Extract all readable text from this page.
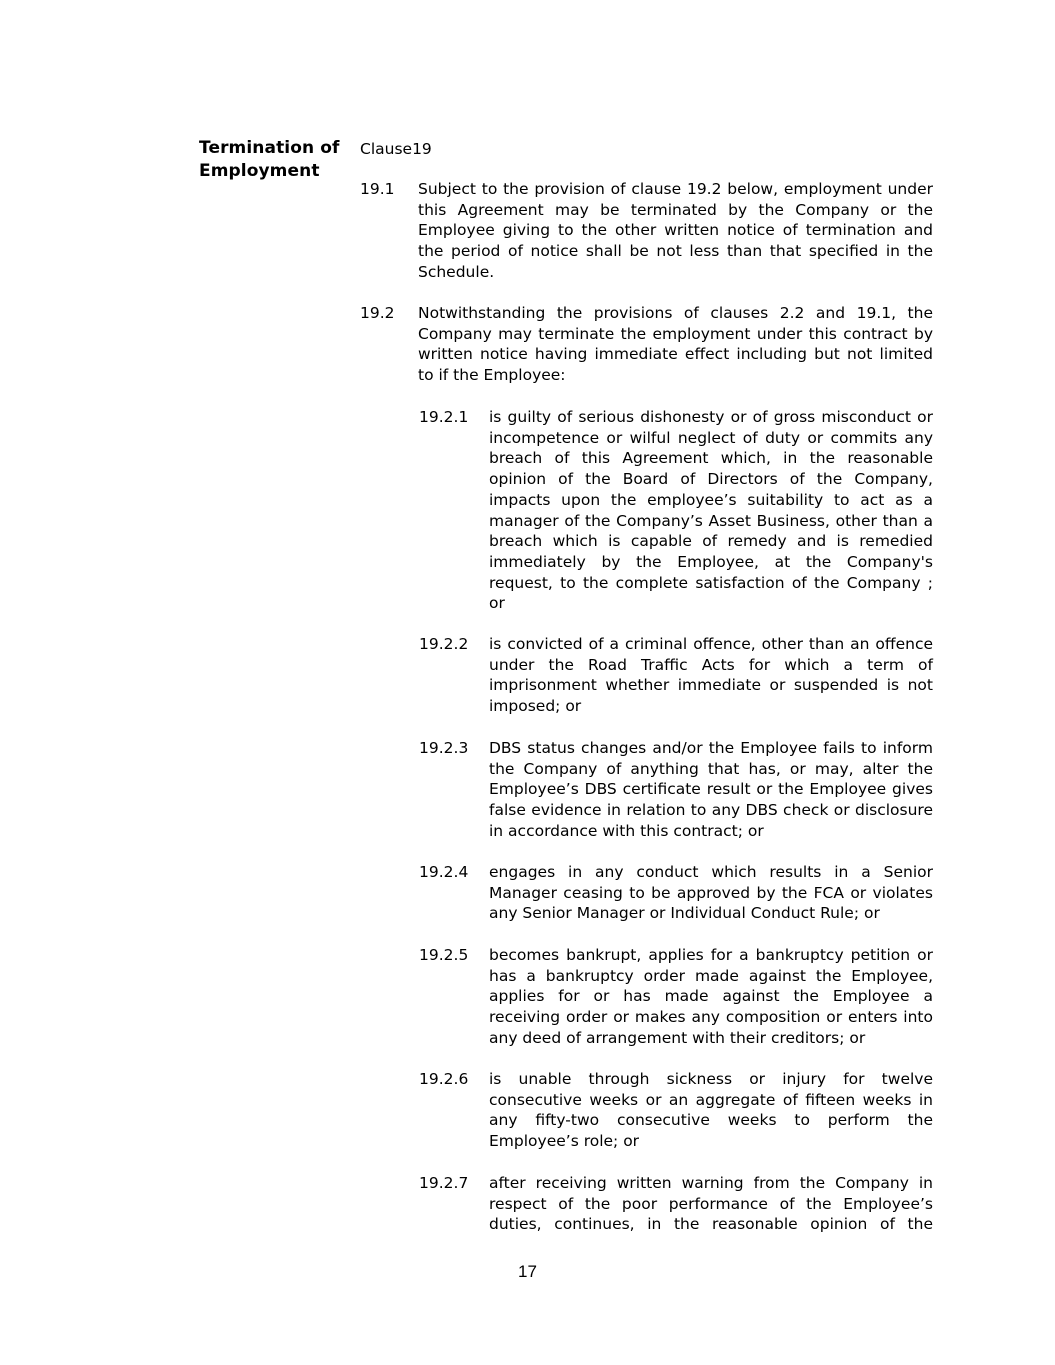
Termination of
Employment
Clause19
19.1 Subject to the provision of clause 19.2 below, employment under this Agreement may be terminated by the Company or the Employee giving to the other written notice of termination and the period of notice shall be not less than that specified in the Schedule.
19.2 Notwithstanding the provisions of clauses 2.2 and 19.1, the Company may terminate the employment under this contract by written notice having immediate effect including but not limited to if the Employee:
19.2.1 is guilty of serious dishonesty or of gross misconduct or incompetence or wilful neglect of duty or commits any breach of this Agreement which, in the reasonable opinion of the Board of Directors of the Company, impacts upon the employee’s suitability to act as a manager of the Company’s Asset Business, other than a breach which is capable of remedy and is remedied immediately by the Employee, at the Company's request, to the complete satisfaction of the Company ; or
19.2.2 is convicted of a criminal offence, other than an offence under the Road Traffic Acts for which a term of imprisonment whether immediate or suspended is not imposed; or
19.2.3 DBS status changes and/or the Employee fails to inform the Company of anything that has, or may, alter the Employee’s DBS certificate result or the Employee gives false evidence in relation to any DBS check or disclosure in accordance with this contract; or
19.2.4 engages in any conduct which results in a Senior Manager ceasing to be approved by the FCA or violates any Senior Manager or Individual Conduct Rule; or
19.2.5 becomes bankrupt, applies for a bankruptcy petition or has a bankruptcy order made against the Employee, applies for or has made against the Employee a receiving order or makes any composition or enters into any deed of arrangement with their creditors; or
19.2.6 is unable through sickness or injury for twelve consecutive weeks or an aggregate of fifteen weeks in any fifty-two consecutive weeks to perform the Employee’s role; or
19.2.7 after receiving written warning from the Company in respect of the poor performance of the Employee’s duties, continues, in the reasonable opinion of the
17
